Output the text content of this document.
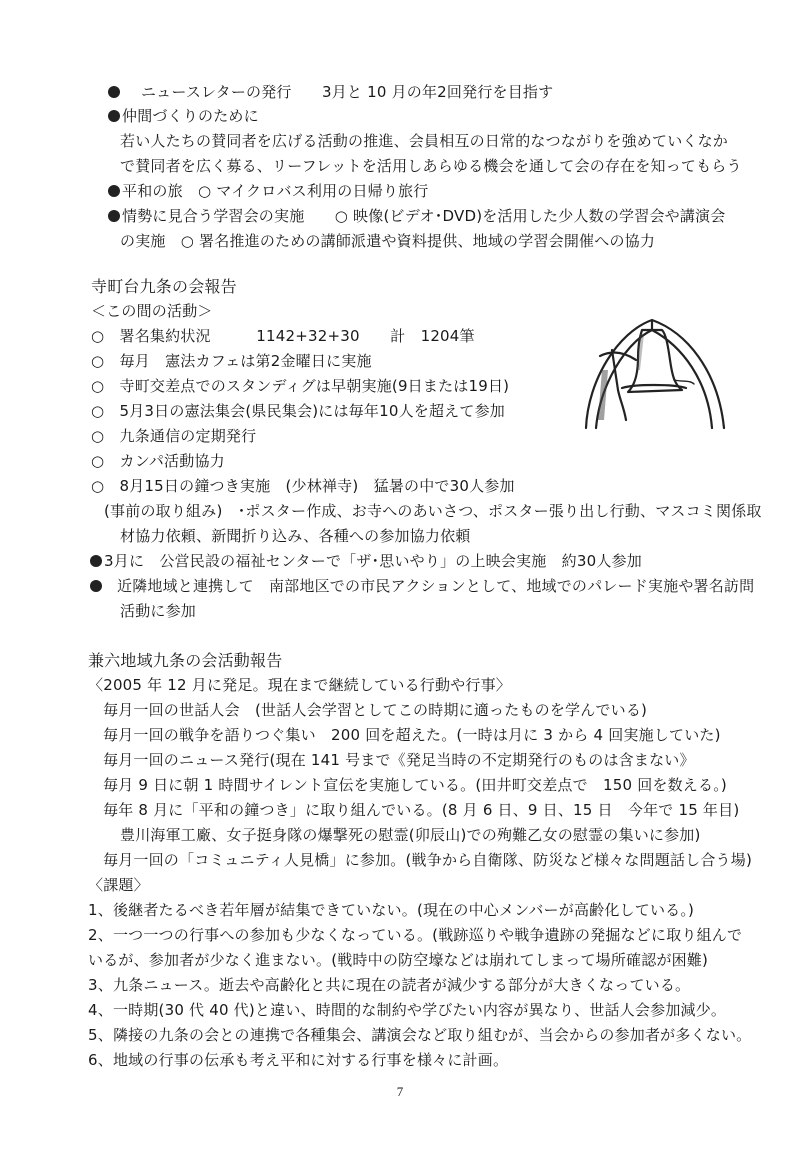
ニュースレターの発行　　3月と 10 月の年2回発行を目指す
仲間づくりのために
若い人たちの賛同者を広げる活動の推進、会員相互の日常的なつながりを強めていくなか
で賛同者を広く募る、リーフレットを活用しあらゆる機会を通して会の存在を知ってもらう
平和の旅　○ マイクロバス利用の日帰り旅行
情勢に見合う学習会の実施　　○ 映像(ビデオ･DVD)を活用した少人数の学習会や講演会
の実施　○ 署名推進のための講師派遣や資料提供、地域の学習会開催への協力
寺町台九条の会報告
＜この間の活動＞
○　署名集約状況　　　1142+32+30　　計　1204筆
○　毎月　憲法カフェは第2金曜日に実施
○　寺町交差点でのスタンディグは早朝実施(9日または19日)
○　5月3日の憲法集会(県民集会)には毎年10人を超えて参加
○　九条通信の定期発行
○　カンパ活動協力
○　8月15日の鐘つき実施　(少林禅寺)　猛暑の中で30人参加
(事前の取り組み)　･ポスター作成、お寺へのあいさつ、ポスター張り出し行動、マスコミ関係取
材協力依頼、新聞折り込み、各種への参加協力依頼
3月に　公営民設の福祉センターで「ザ･思いやり」の上映会実施　約30人参加
近隣地域と連携して　南部地区での市民アクションとして、地域でのパレード実施や署名訪問
活動に参加
兼六地域九条の会活動報告
〈2005 年 12 月に発足。現在まで継続している行動や行事〉
毎月一回の世話人会　(世話人会学習としてこの時期に適ったものを学んでいる)
毎月一回の戦争を語りつぐ集い　200 回を超えた。(一時は月に 3 から 4 回実施していた)
毎月一回のニュース発行(現在 141 号まで《発足当時の不定期発行のものは含まない》
毎月 9 日に朝 1 時間サイレント宣伝を実施している。(田井町交差点で　150 回を数える。)
毎年 8 月に「平和の鐘つき」に取り組んでいる。(8 月 6 日、9 日、15 日　今年で 15 年目)
豊川海軍工廠、女子挺身隊の爆撃死の慰霊(卯辰山)での殉難乙女の慰霊の集いに参加)
毎月一回の「コミュニティ人見橋」に参加。(戦争から自衛隊、防災など様々な問題話し合う場)
〈課題〉
1、後継者たるべき若年層が結集できていない。(現在の中心メンバーが高齢化している。)
2、一つ一つの行事への参加も少なくなっている。(戦跡巡りや戦争遺跡の発掘などに取り組んで
いるが、参加者が少なく進まない。(戦時中の防空壕などは崩れてしまって場所確認が困難)
3、九条ニュース。逝去や高齢化と共に現在の読者が減少する部分が大きくなっている。
4、一時期(30 代 40 代)と違い、時間的な制約や学びたい内容が異なり、世話人会参加減少。
5、隣接の九条の会との連携で各種集会、講演会など取り組むが、当会からの参加者が多くない。
6、地域の行事の伝承も考え平和に対する行事を様々に計画。
7
